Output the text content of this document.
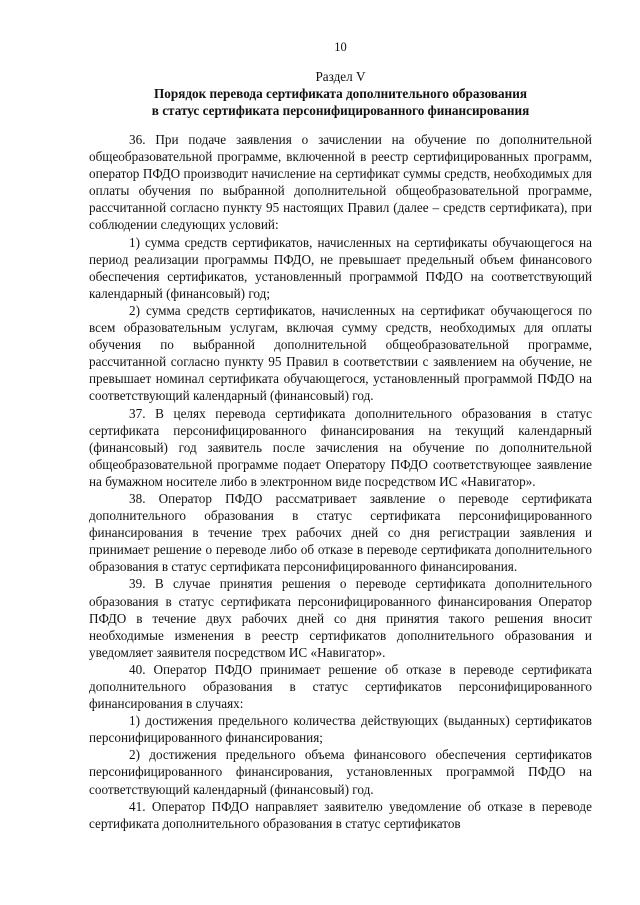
10
Раздел V
Порядок перевода сертификата дополнительного образования
в статус сертификата персонифицированного финансирования

36. При подаче заявления о зачислении на обучение по дополнительной общеобразовательной программе, включенной в реестр сертифицированных программ, оператор ПФДО производит начисление на сертификат суммы средств, необходимых для оплаты обучения по выбранной дополнительной общеобразовательной программе, рассчитанной согласно пункту 95 настоящих Правил (далее – средств сертификата), при соблюдении следующих условий:

1) сумма средств сертификатов, начисленных на сертификаты обучающегося на период реализации программы ПФДО, не превышает предельный объем финансового обеспечения сертификатов, установленный программой ПФДО на соответствующий календарный (финансовый) год;

2) сумма средств сертификатов, начисленных на сертификат обучающегося по всем образовательным услугам, включая сумму средств, необходимых для оплаты обучения по выбранной дополнительной общеобразовательной программе, рассчитанной согласно пункту 95 Правил в соответствии с заявлением на обучение, не превышает номинал сертификата обучающегося, установленный программой ПФДО на соответствующий календарный (финансовый) год.

37. В целях перевода сертификата дополнительного образования в статус сертификата персонифицированного финансирования на текущий календарный (финансовый) год заявитель после зачисления на обучение по дополнительной общеобразовательной программе подает Оператору ПФДО соответствующее заявление на бумажном носителе либо в электронном виде посредством ИС «Навигатор».

38. Оператор ПФДО рассматривает заявление о переводе сертификата дополнительного образования в статус сертификата персонифицированного финансирования в течение трех рабочих дней со дня регистрации заявления и принимает решение о переводе либо об отказе в переводе сертификата дополнительного образования в статус сертификата персонифицированного финансирования.

39. В случае принятия решения о переводе сертификата дополнительного образования в статус сертификата персонифицированного финансирования Оператор ПФДО в течение двух рабочих дней со дня принятия такого решения вносит необходимые изменения в реестр сертификатов дополнительного образования и уведомляет заявителя посредством ИС «Навигатор».

40. Оператор ПФДО принимает решение об отказе в переводе сертификата дополнительного образования в статус сертификатов персонифицированного финансирования в случаях:

1) достижения предельного количества действующих (выданных) сертификатов персонифицированного финансирования;

2) достижения предельного объема финансового обеспечения сертификатов персонифицированного финансирования, установленных программой ПФДО на соответствующий календарный (финансовый) год.

41. Оператор ПФДО направляет заявителю уведомление об отказе в переводе сертификата дополнительного образования в статус сертификатов
